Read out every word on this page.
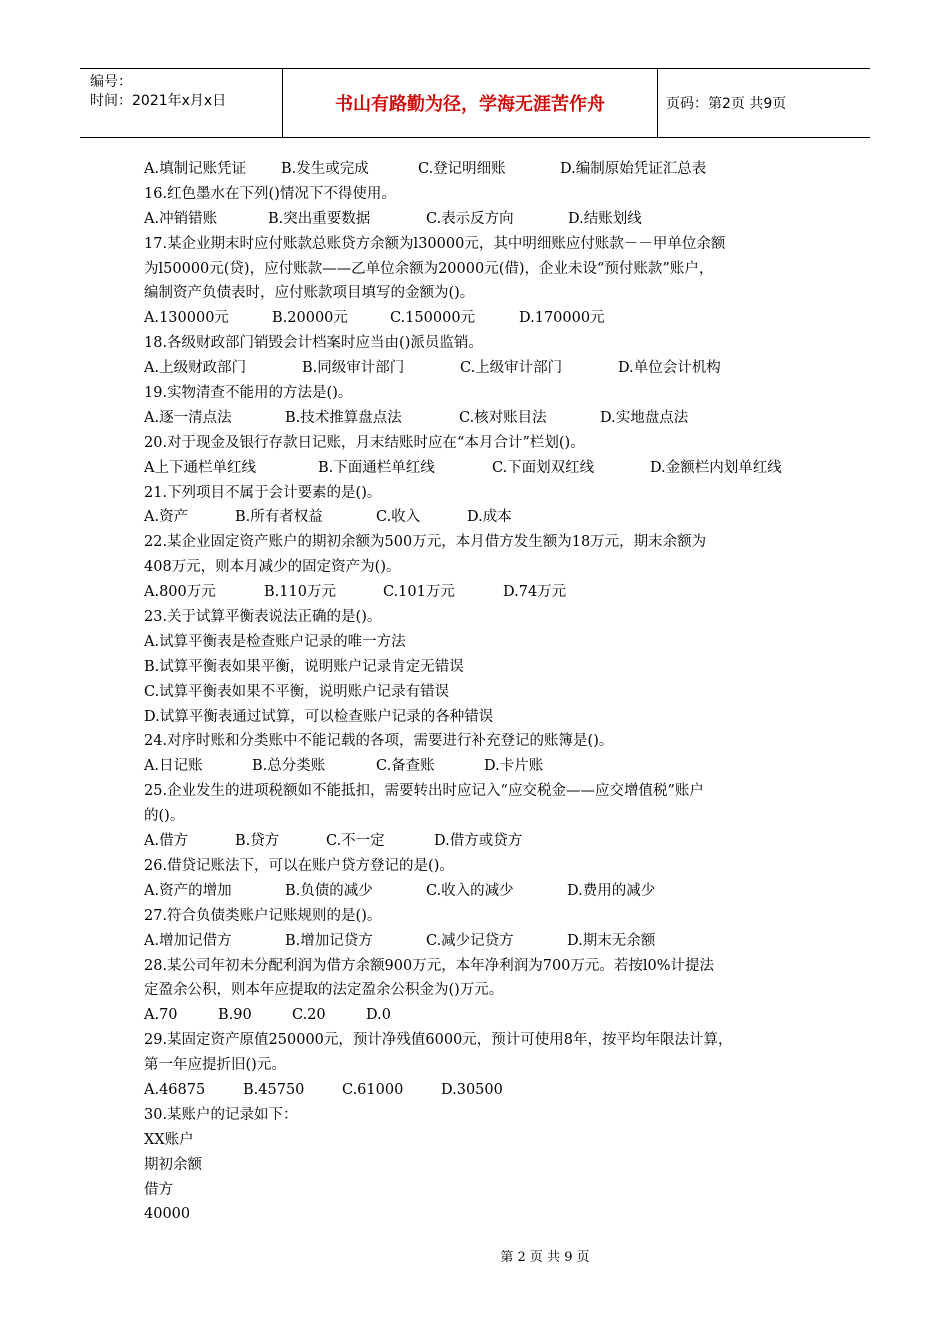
编号：
时间：2021年x月x日	书山有路勤为径，学海无涯苦作舟	页码：第2页 共9页
A.填制记账凭证 B.发生或完成	C.登记明细账	D.编制原始凭证汇总表
16.红色墨水在下列()情况下不得使用。
A.冲销错账	B.突出重要数据	C.表示反方向	D.结账划线
17.某企业期末时应付账款总账贷方余额为l30000元，其中明细账应付账款－－甲单位余额
为l50000元(贷)，应付账款——乙单位余额为20000元(借)，企业未设“预付账款”账户，
编制资产负债表时，应付账款项目填写的金额为()。
A.130000元	B.20000元	C.150000元	D.170000元
18.各级财政部门销毁会计档案时应当由()派员监销。
A.上级财政部门	B.同级审计部门	C.上级审计部门	D.单位会计机构
19.实物清查不能用的方法是()。
A.逐一清点法	B.技术推算盘点法	C.核对账目法	D.实地盘点法
20.对于现金及银行存款日记账，月末结账时应在“本月合计”栏划()。
A上下通栏单红线	B.下面通栏单红线	C.下面划双红线	D.金额栏内划单红线
21.下列项目不属于会计要素的是()。
A.资产	B.所有者权益	C.收入	D.成本
22.某企业固定资产账户的期初余额为500万元，本月借方发生额为18万元，期末余额为
408万元，则本月减少的固定资产为()。
A.800万元	B.110万元	C.101万元	D.74万元
23.关于试算平衡表说法正确的是()。
A.试算平衡表是检查账户记录的唯一方法
B.试算平衡表如果平衡，说明账户记录肯定无错误
C.试算平衡表如果不平衡，说明账户记录有错误
D.试算平衡表通过试算，可以检查账户记录的各种错误
24.对序时账和分类账中不能记载的各项，需要进行补充登记的账簿是()。
A.日记账	B.总分类账	C.备查账	D.卡片账
25.企业发生的进项税额如不能抵扣，需要转出时应记入“应交税金——应交增值税”账户
的()。
A.借方	B.贷方	C.不一定	D.借方或贷方
26.借贷记账法下，可以在账户贷方登记的是()。
A.资产的增加	B.负债的减少	C.收入的减少	D.费用的减少
27.符合负债类账户记账规则的是()。
A.增加记借方	B.增加记贷方	C.减少记贷方	D.期末无余额
28.某公司年初未分配利润为借方余额900万元，本年净利润为700万元。若按l0%计提法
定盈余公积，则本年应提取的法定盈余公积金为()万元。
A.70	B.90	C.20	D.0
29.某固定资产原值250000元，预计净残值6000元，预计可使用8年，按平均年限法计算，
第一年应提折旧()元。
A.46875	B.45750	C.61000	D.30500
30.某账户的记录如下：
XX账户
期初余额
借方
40000
第 2 页 共 9 页
